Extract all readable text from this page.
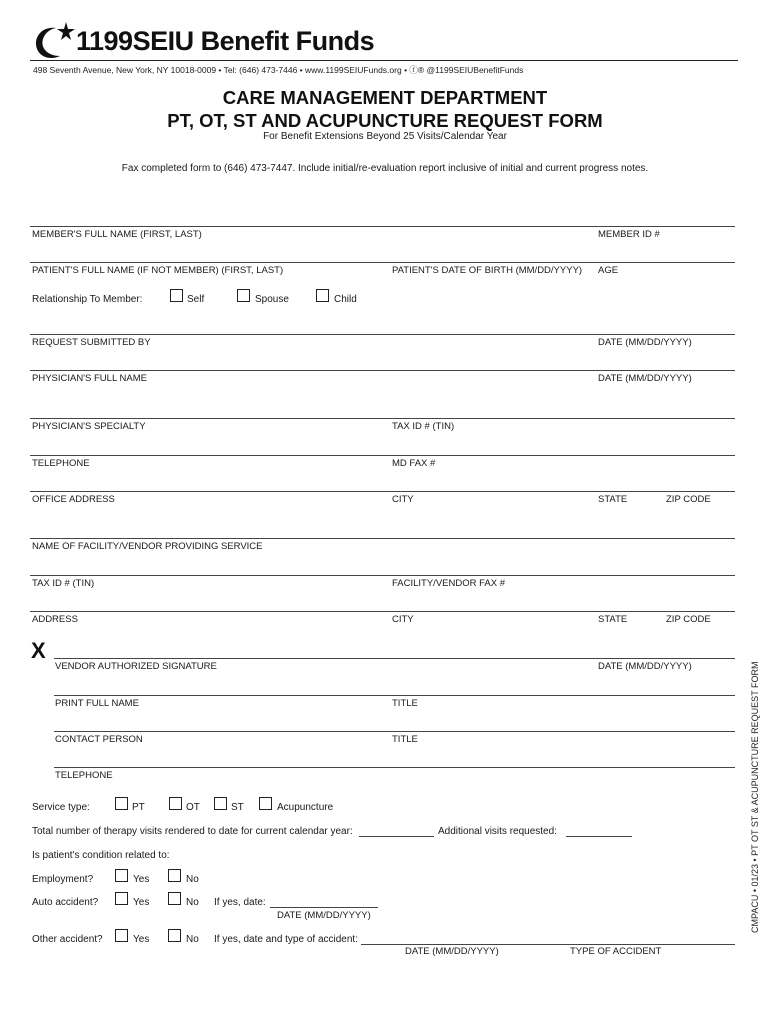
1199SEIU Benefit Funds
498 Seventh Avenue, New York, NY 10018-0009 • Tel: (646) 473-7446 • www.1199SEIUFunds.org • ⓕ® @1199SEIUBenefitFunds
CARE MANAGEMENT DEPARTMENT
PT, OT, ST AND ACUPUNCTURE REQUEST FORM
For Benefit Extensions Beyond 25 Visits/Calendar Year
Fax completed form to (646) 473-7447. Include initial/re-evaluation report inclusive of initial and current progress notes.
MEMBER'S FULL NAME (FIRST, LAST)	MEMBER ID #
PATIENT'S FULL NAME (IF NOT MEMBER) (FIRST, LAST)	PATIENT'S DATE OF BIRTH (MM/DD/YYYY) AGE
Relationship To Member:	Self	Spouse	Child
REQUEST SUBMITTED BY	DATE (MM/DD/YYYY)
PHYSICIAN'S FULL NAME	DATE (MM/DD/YYYY)
PHYSICIAN'S SPECIALTY	TAX ID # (TIN)
TELEPHONE	MD FAX #
OFFICE ADDRESS	CITY	STATE	ZIP CODE
NAME OF FACILITY/VENDOR PROVIDING SERVICE
TAX ID # (TIN)	FACILITY/VENDOR FAX #
ADDRESS	CITY	STATE	ZIP CODE
X
VENDOR AUTHORIZED SIGNATURE	DATE (MM/DD/YYYY)
PRINT FULL NAME	TITLE
CONTACT PERSON	TITLE
TELEPHONE
Service type:	PT	OT	ST	Acupuncture
Total number of therapy visits rendered to date for current calendar year:	Additional visits requested:
Is patient's condition related to:
Employment?	Yes	No
Auto accident?	Yes	No If yes, date:
DATE (MM/DD/YYYY)
Other accident?	Yes	No If yes, date and type of accident:
DATE (MM/DD/YYYY)	TYPE OF ACCIDENT
CMPACU • 01/23 • PT OT ST & ACUPUNCTURE REQUEST FORM
